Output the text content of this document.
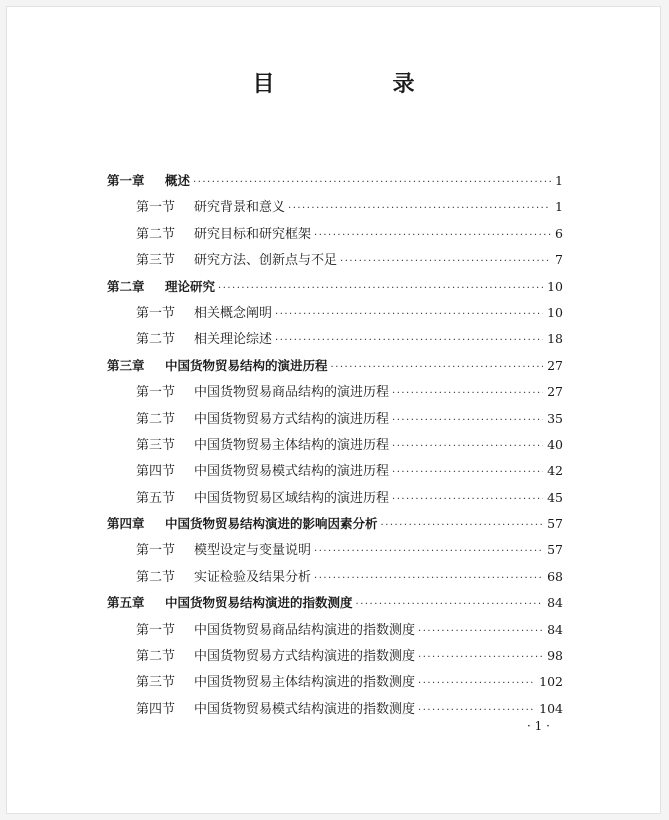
目　录
第一章	概述 ·····	1
第一节	研究背景和意义 ·····	1
第二节	研究目标和研究框架 ·····	6
第三节	研究方法、创新点与不足 ·····	7
第二章	理论研究 ·····	10
第一节	相关概念阐明 ·····	10
第二节	相关理论综述 ·····	18
第三章	中国货物贸易结构的演进历程 ·····	27
第一节	中国货物贸易商品结构的演进历程 ·····	27
第二节	中国货物贸易方式结构的演进历程 ·····	35
第三节	中国货物贸易主体结构的演进历程 ·····	40
第四节	中国货物贸易模式结构的演进历程 ·····	42
第五节	中国货物贸易区域结构的演进历程 ·····	45
第四章	中国货物贸易结构演进的影响因素分析 ·····	57
第一节	模型设定与变量说明 ·····	57
第二节	实证检验及结果分析 ·····	68
第五章	中国货物贸易结构演进的指数测度 ·····	84
第一节	中国货物贸易商品结构演进的指数测度 ·····	84
第二节	中国货物贸易方式结构演进的指数测度 ·····	98
第三节	中国货物贸易主体结构演进的指数测度 ·····	102
第四节	中国货物贸易模式结构演进的指数测度 ·····	104
· 1 ·
